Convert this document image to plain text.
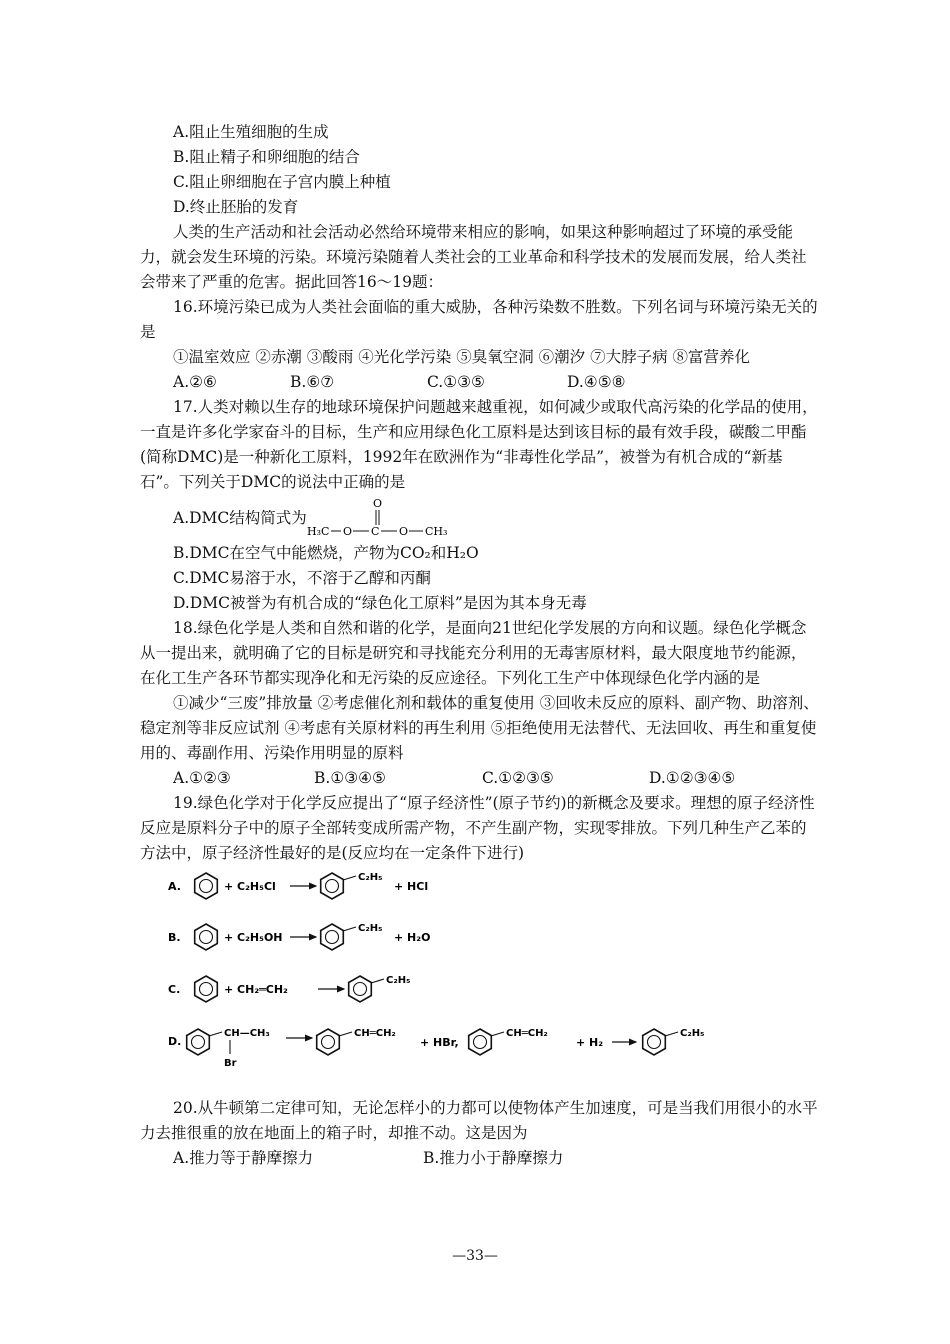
A.阻止生殖细胞的生成

B.阻止精子和卵细胞的结合

C.阻止卵细胞在子宫内膜上种植

D.终止胚胎的发育

人类的生产活动和社会活动必然给环境带来相应的影响，如果这种影响超过了环境的承受能力，就会发生环境的污染。环境污染随着人类社会的工业革命和科学技术的发展而发展，给人类社会带来了严重的危害。据此回答16～19题：

16.环境污染已成为人类社会面临的重大威胁，各种污染数不胜数。下列名词与环境污染无关的是

①温室效应 ②赤潮 ③酸雨 ④光化学污染 ⑤臭氧空洞 ⑥潮汐 ⑦大脖子病 ⑧富营养化

A.②⑥	B.⑥⑦	C.①③⑤	D.④⑤⑧

17.人类对赖以生存的地球环境保护问题越来越重视，如何减少或取代高污染的化学品的使用，一直是许多化学家奋斗的目标，生产和应用绿色化工原料是达到该目标的最有效手段，碳酸二甲酯(简称DMC)是一种新化工原料，1992年在欧洲作为“非毒性化学品”，被誉为有机合成的“新基石”。下列关于DMC的说法中正确的是

A.DMC结构简式为
O
H₃C O C O CH₃

B.DMC在空气中能燃烧，产物为CO₂和H₂O

C.DMC易溶于水，不溶于乙醇和丙酮

D.DMC被誉为有机合成的“绿色化工原料”是因为其本身无毒

18.绿色化学是人类和自然和谐的化学，是面向21世纪化学发展的方向和议题。绿色化学概念从一提出来，就明确了它的目标是研究和寻找能充分利用的无毒害原材料，最大限度地节约能源，在化工生产各环节都实现净化和无污染的反应途径。下列化工生产中体现绿色化学内涵的是

①减少“三废”排放量 ②考虑催化剂和载体的重复使用 ③回收未反应的原料、副产物、助溶剂、稳定剂等非反应试剂 ④考虑有关原材料的再生利用 ⑤拒绝使用无法替代、无法回收、再生和重复使用的、毒副作用、污染作用明显的原料

A.①②③	B.①③④⑤	C.①②③⑤	D.①②③④⑤

19.绿色化学对于化学反应提出了“原子经济性”(原子节约)的新概念及要求。理想的原子经济性反应是原料分子中的原子全部转变成所需产物，不产生副产物，实现零排放。下列几种生产乙苯的方法中，原子经济性最好的是(反应均在一定条件下进行)

A.	+ C₂H₅Cl
C₂H₅
+ HCl
B.	+ C₂H₅OH
C₂H₅
+ H₂O
C.	+ CH₂═CH₂
C₂H₅
D.
CH—CH₃
Br
CH═CH₂
+ HBr,
CH═CH₂
+ H₂
C₂H₅

20.从牛顿第二定律可知，无论怎样小的力都可以使物体产生加速度，可是当我们用很小的水平力去推很重的放在地面上的箱子时，却推不动。这是因为

A.推力等于静摩擦力	B.推力小于静摩擦力
—33—
